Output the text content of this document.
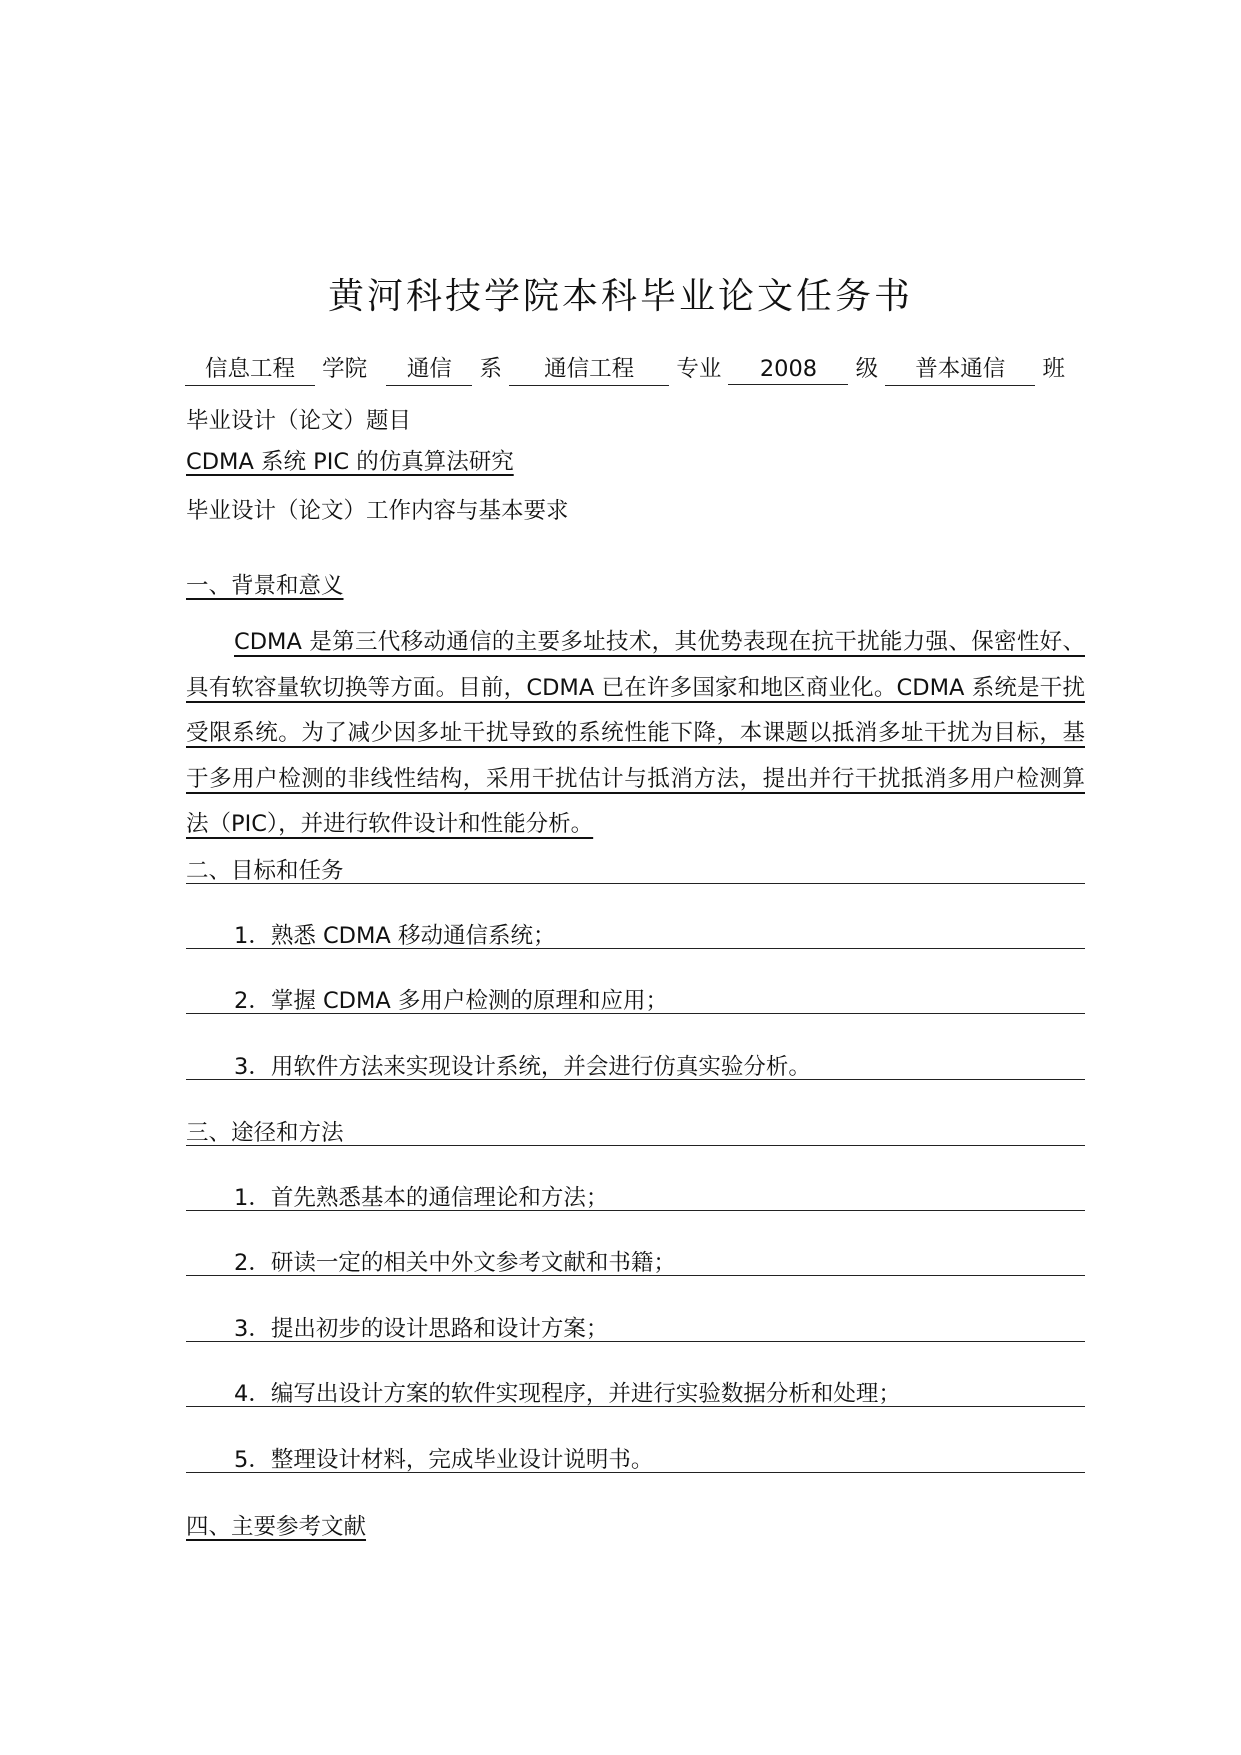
黄河科技学院本科毕业论文任务书
信息工程 学院 通信 系 通信工程 专业 2008 级 普本通信 班
毕业设计（论文）题目
CDMA 系统 PIC 的仿真算法研究
毕业设计（论文）工作内容与基本要求
一、背景和意义
CDMA 是第三代移动通信的主要多址技术，其优势表现在抗干扰能力强、保密性好、具有软容量软切换等方面。目前，CDMA 已在许多国家和地区商业化。CDMA 系统是干扰受限系统。为了减少因多址干扰导致的系统性能下降，本课题以抵消多址干扰为目标，基于多用户检测的非线性结构，采用干扰估计与抵消方法，提出并行干扰抵消多用户检测算法（PIC），并进行软件设计和性能分析。
二、目标和任务
1．熟悉 CDMA 移动通信系统；
2．掌握 CDMA 多用户检测的原理和应用；
3．用软件方法来实现设计系统，并会进行仿真实验分析。
三、途径和方法
1．首先熟悉基本的通信理论和方法；
2．研读一定的相关中外文参考文献和书籍；
3．提出初步的设计思路和设计方案；
4．编写出设计方案的软件实现程序，并进行实验数据分析和处理；
5．整理设计材料，完成毕业设计说明书。
四、主要参考文献
